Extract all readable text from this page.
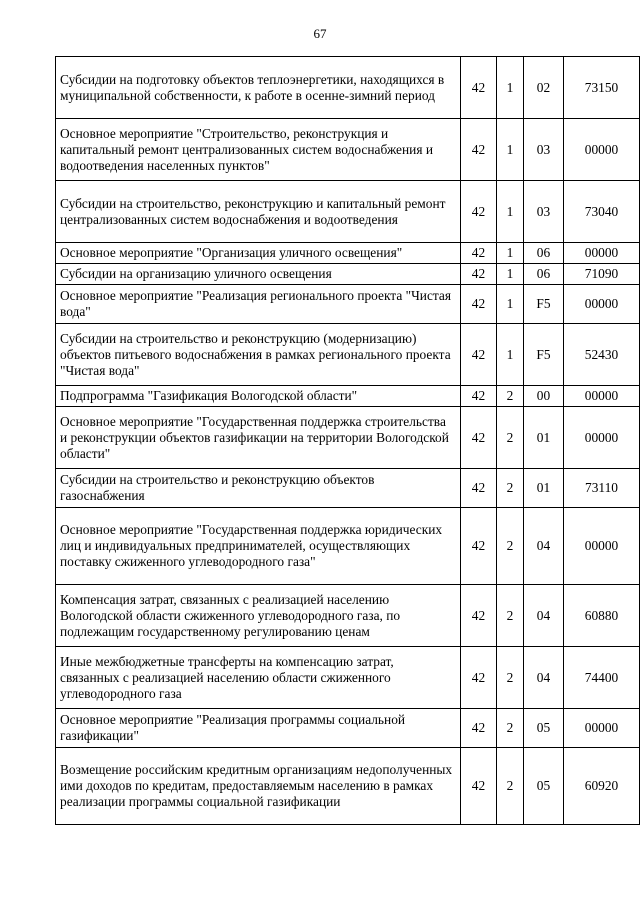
67
Субсидии на подготовку объектов теплоэнергетики, находящихся в муниципальной собственности, к работе в осенне-зимний период	42	1	02	73150
Основное мероприятие "Строительство, реконструкция и капитальный ремонт централизованных систем водоснабжения и водоотведения населенных пунктов"	42	1	03	00000
Субсидии на строительство, реконструкцию и капитальный ремонт централизованных систем водоснабжения и водоотведения	42	1	03	73040
Основное мероприятие "Организация уличного освещения"	42	1	06	00000
Субсидии на организацию уличного освещения	42	1	06	71090
Основное мероприятие "Реализация регионального проекта "Чистая вода"	42	1	F5	00000
Субсидии на строительство и реконструкцию (модернизацию) объектов питьевого водоснабжения в рамках регионального проекта "Чистая вода"	42	1	F5	52430
Подпрограмма "Газификация Вологодской области"	42	2	00	00000
Основное мероприятие "Государственная поддержка строительства и реконструкции объектов газификации на территории Вологодской области"	42	2	01	00000
Субсидии на строительство и реконструкцию объектов газоснабжения	42	2	01	73110
Основное мероприятие "Государственная поддержка юридических лиц и индивидуальных предпринимателей, осуществляющих поставку сжиженного углеводородного газа"	42	2	04	00000
Компенсация затрат, связанных с реализацией населению Вологодской области сжиженного углеводородного газа, по подлежащим государственному регулированию ценам	42	2	04	60880
Иные межбюджетные трансферты на компенсацию затрат, связанных с реализацией населению области сжиженного углеводородного газа	42	2	04	74400
Основное мероприятие "Реализация программы социальной газификации"	42	2	05	00000
Возмещение российским кредитным организациям недополученных ими доходов по кредитам, предоставляемым населению в рамках реализации программы социальной газификации	42	2	05	60920
